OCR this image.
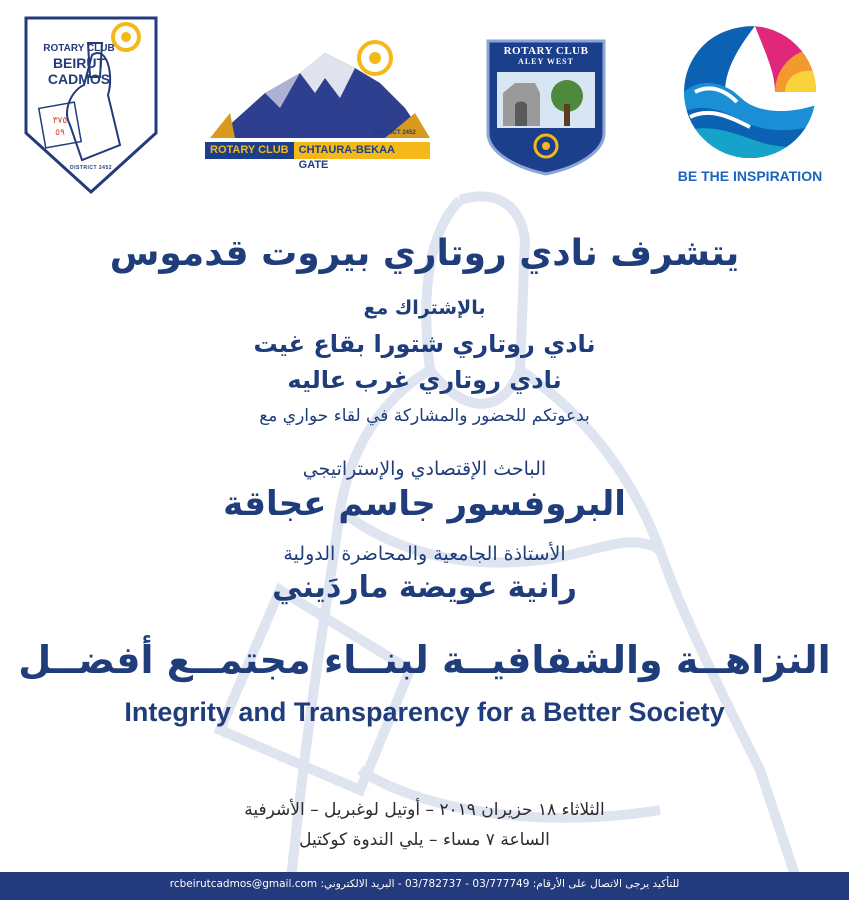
٣٧٥
٥٩
ROTARY CLUB
BEIRUT
CADMOS
DISTRICT 2452
DISTRICT 2452
ROTARY CLUB CHTAURA-BEKAA GATE
ROTARY CLUB
ALEY WEST
BE THE INSPIRATION
يتشرف نادي روتاري بيروت قدموس
بالإشتراك مع
نادي روتاري شتورا بقاع غيت
نادي روتاري غرب عاليه
بدعوتكم للحضور والمشاركة في لقاء حواري مع
الباحث الإقتصادي والإستراتيجي
البروفسور جاسم عجاقة
الأستاذة الجامعية والمحاضرة الدولية
رانية عويضة ماردَيني
النزاهــة والشفافيــة لبنــاء مجتمــع أفضــل
Integrity and Transparency for a Better Society
الثلاثاء ١٨ حزيران ٢٠١٩ – أوتيل لوغبريل – الأشرفية
الساعة ٧ مساء – يلي الندوة كوكتيل
للتأكيد يرجى الاتصال على الأرقام: 03/777749 - 03/782737 - البريد الالكتروني: rcbeirutcadmos@gmail.com
